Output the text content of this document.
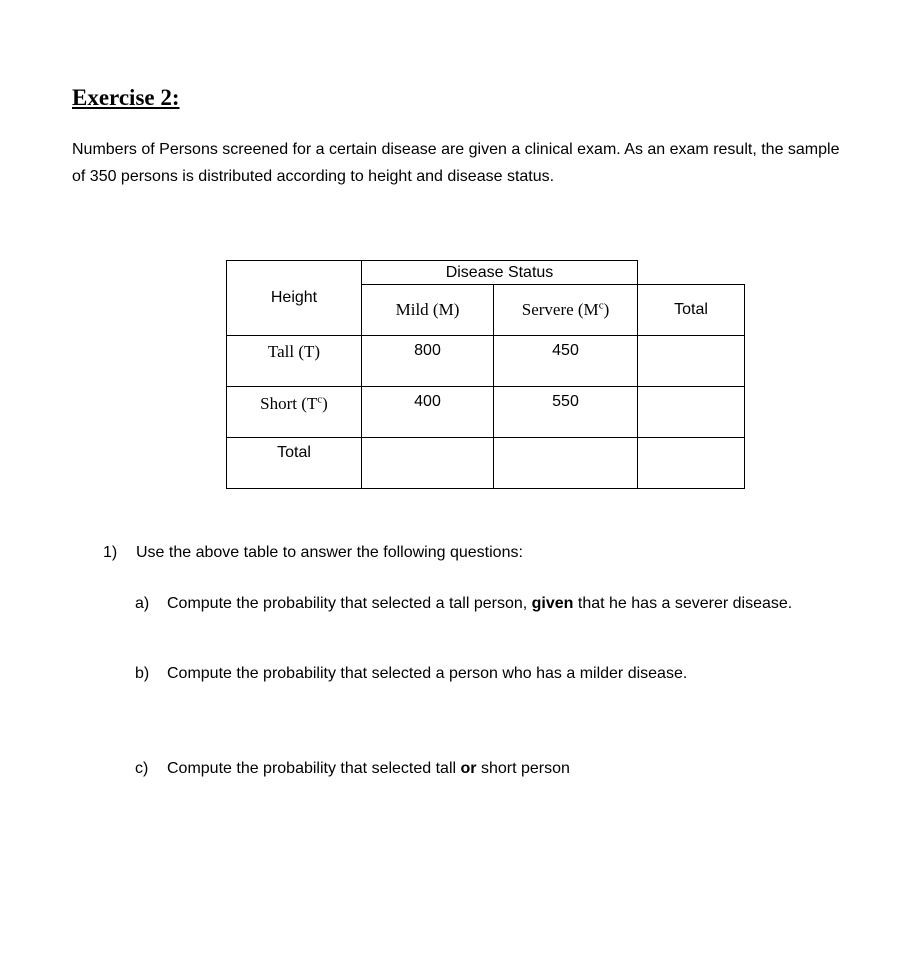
Exercise 2:

Numbers of Persons screened for a certain disease are given a clinical exam. As an exam result, the sample
of 350 persons is distributed according to height and disease status.

Height	Disease Status		
	Mild (M)	Servere $(M^c)$	Total
Tall (T)	800	450	
Short $(T^c)$	400	550	
Total			
1) Use the above table to answer the following questions:
a) Compute the probability that selected a tall person, given that he has a severer disease.
b) Compute the probability that selected a person who has a milder disease.
c) Compute the probability that selected tall or short person
